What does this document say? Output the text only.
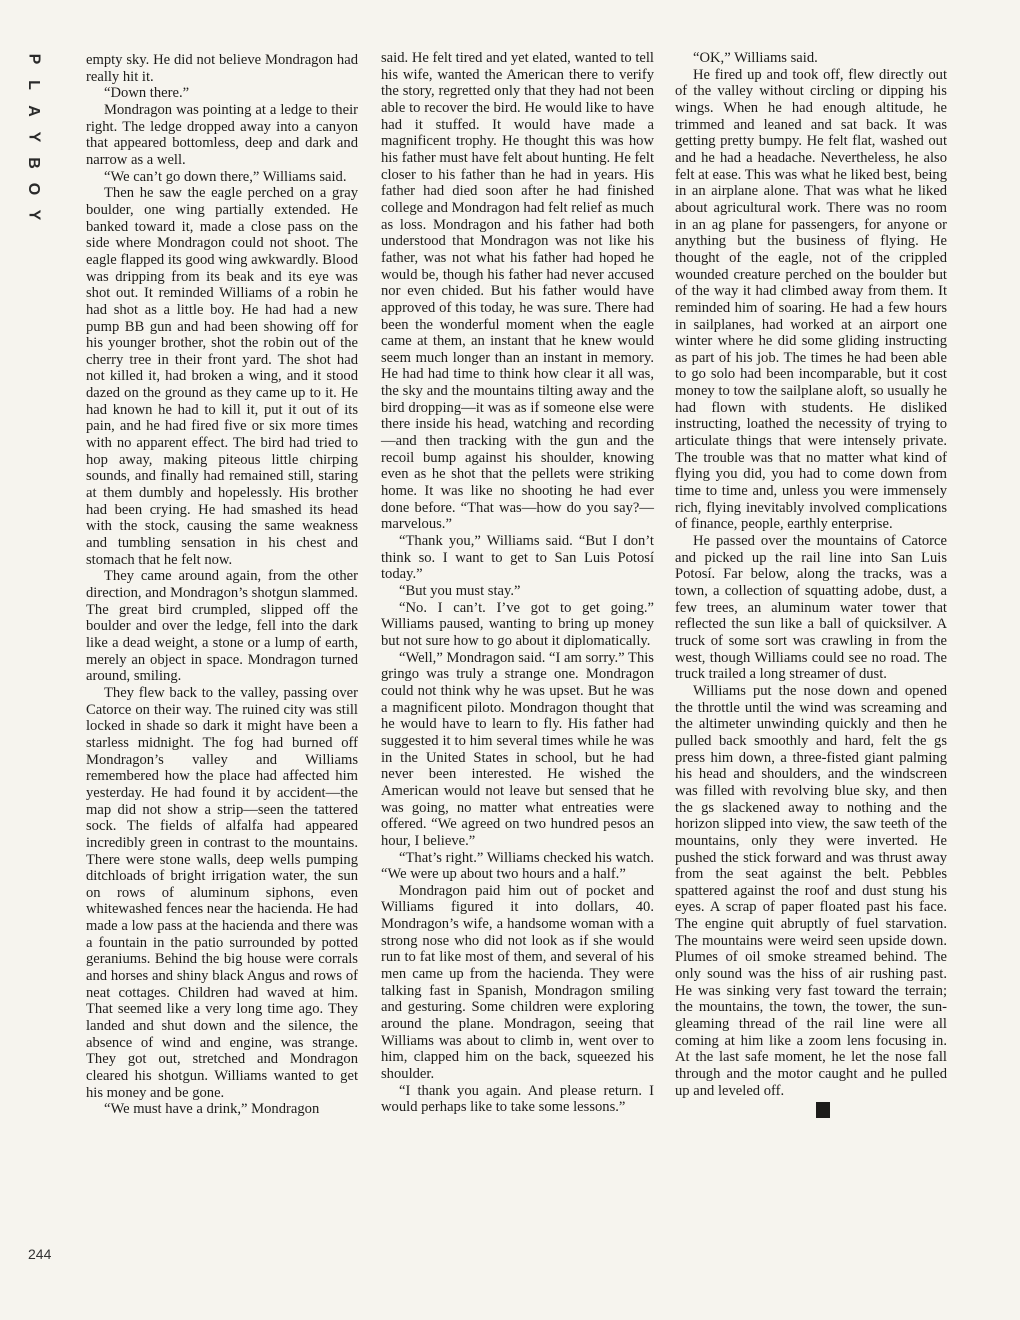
P
L
A
Y
B
O
Y

empty sky. He did not believe Mondragon had really hit it.

“Down there.”

Mondragon was pointing at a ledge to their right. The ledge dropped away into a canyon that appeared bottomless, deep and dark and narrow as a well.

“We can’t go down there,” Williams said.

Then he saw the eagle perched on a gray boulder, one wing partially extended. He banked toward it, made a close pass on the side where Mondragon could not shoot. The eagle flapped its good wing awkwardly. Blood was dripping from its beak and its eye was shot out. It reminded Williams of a robin he had shot as a little boy. He had had a new pump BB gun and had been showing off for his younger brother, shot the robin out of the cherry tree in their front yard. The shot had not killed it, had broken a wing, and it stood dazed on the ground as they came up to it. He had known he had to kill it, put it out of its pain, and he had fired five or six more times with no apparent effect. The bird had tried to hop away, making piteous little chirping sounds, and finally had remained still, staring at them dumbly and hopelessly. His brother had been crying. He had smashed its head with the stock, causing the same weakness and tumbling sensation in his chest and stomach that he felt now.

They came around again, from the other direction, and Mondragon’s shotgun slammed. The great bird crumpled, slipped off the boulder and over the ledge, fell into the dark like a dead weight, a stone or a lump of earth, merely an object in space. Mondragon turned around, smiling.

They flew back to the valley, passing over Catorce on their way. The ruined city was still locked in shade so dark it might have been a starless midnight. The fog had burned off Mondragon’s valley and Williams remembered how the place had affected him yesterday. He had found it by accident—the map did not show a strip—seen the tattered sock. The fields of alfalfa had appeared incredibly green in contrast to the mountains. There were stone walls, deep wells pumping ditchloads of bright irrigation water, the sun on rows of aluminum siphons, even whitewashed fences near the hacienda. He had made a low pass at the hacienda and there was a fountain in the patio surrounded by potted geraniums. Behind the big house were corrals and horses and shiny black Angus and rows of neat cottages. Children had waved at him. That seemed like a very long time ago. They landed and shut down and the silence, the absence of wind and engine, was strange. They got out, stretched and Mondragon cleared his shotgun. Williams wanted to get his money and be gone.

“We must have a drink,” Mondragon

said. He felt tired and yet elated, wanted to tell his wife, wanted the American there to verify the story, regretted only that they had not been able to recover the bird. He would like to have had it stuffed. It would have made a magnificent trophy. He thought this was how his father must have felt about hunting. He felt closer to his father than he had in years. His father had died soon after he had finished college and Mondragon had felt relief as much as loss. Mondragon and his father had both understood that Mondragon was not like his father, was not what his father had hoped he would be, though his father had never accused nor even chided. But his father would have approved of this today, he was sure. There had been the wonderful moment when the eagle came at them, an instant that he knew would seem much longer than an instant in memory. He had had time to think how clear it all was, the sky and the mountains tilting away and the bird dropping—it was as if someone else were there inside his head, watching and recording—and then tracking with the gun and the recoil bump against his shoulder, knowing even as he shot that the pellets were striking home. It was like no shooting he had ever done before. “That was—how do you say?—marvelous.”

“Thank you,” Williams said. “But I don’t think so. I want to get to San Luis Potosí today.”

“But you must stay.”

“No. I can’t. I’ve got to get going.” Williams paused, wanting to bring up money but not sure how to go about it diplomatically.

“Well,” Mondragon said. “I am sorry.” This gringo was truly a strange one. Mondragon could not think why he was upset. But he was a magnificent piloto. Mondragon thought that he would have to learn to fly. His father had suggested it to him several times while he was in the United States in school, but he had never been interested. He wished the American would not leave but sensed that he was going, no matter what entreaties were offered. “We agreed on two hundred pesos an hour, I believe.”

“That’s right.” Williams checked his watch. “We were up about two hours and a half.”

Mondragon paid him out of pocket and Williams figured it into dollars, 40. Mondragon’s wife, a handsome woman with a strong nose who did not look as if she would run to fat like most of them, and several of his men came up from the hacienda. They were talking fast in Spanish, Mondragon smiling and gesturing. Some children were exploring around the plane. Mondragon, seeing that Williams was about to climb in, went over to him, clapped him on the back, squeezed his shoulder.

“I thank you again. And please return. I would perhaps like to take some lessons.”

“OK,” Williams said.

He fired up and took off, flew directly out of the valley without circling or dipping his wings. When he had enough altitude, he trimmed and leaned and sat back. It was getting pretty bumpy. He felt flat, washed out and he had a headache. Nevertheless, he also felt at ease. This was what he liked best, being in an airplane alone. That was what he liked about agricultural work. There was no room in an ag plane for passengers, for anyone or anything but the business of flying. He thought of the eagle, not of the crippled wounded creature perched on the boulder but of the way it had climbed away from them. It reminded him of soaring. He had a few hours in sailplanes, had worked at an airport one winter where he did some gliding instructing as part of his job. The times he had been able to go solo had been incomparable, but it cost money to tow the sailplane aloft, so usually he had flown with students. He disliked instructing, loathed the necessity of trying to articulate things that were intensely private. The trouble was that no matter what kind of flying you did, you had to come down from time to time and, unless you were immensely rich, flying inevitably involved complications of finance, people, earthly enterprise.

He passed over the mountains of Catorce and picked up the rail line into San Luis Potosí. Far below, along the tracks, was a town, a collection of squatting adobe, dust, a few trees, an aluminum water tower that reflected the sun like a ball of quicksilver. A truck of some sort was crawling in from the west, though Williams could see no road. The truck trailed a long streamer of dust.

Williams put the nose down and opened the throttle until the wind was screaming and the altimeter unwinding quickly and then he pulled back smoothly and hard, felt the gs press him down, a three-fisted giant palming his head and shoulders, and the windscreen was filled with revolving blue sky, and then the gs slackened away to nothing and the horizon slipped into view, the saw teeth of the mountains, only they were inverted. He pushed the stick forward and was thrust away from the seat against the belt. Pebbles spattered against the roof and dust stung his eyes. A scrap of paper floated past his face. The engine quit abruptly of fuel starvation. The mountains were weird seen upside down. Plumes of oil smoke streamed behind. The only sound was the hiss of air rushing past. He was sinking very fast toward the terrain; the mountains, the town, the tower, the sun-gleaming thread of the rail line were all coming at him like a zoom lens focusing in. At the last safe moment, he let the nose fall through and the motor caught and he pulled up and leveled off.

Y

244
